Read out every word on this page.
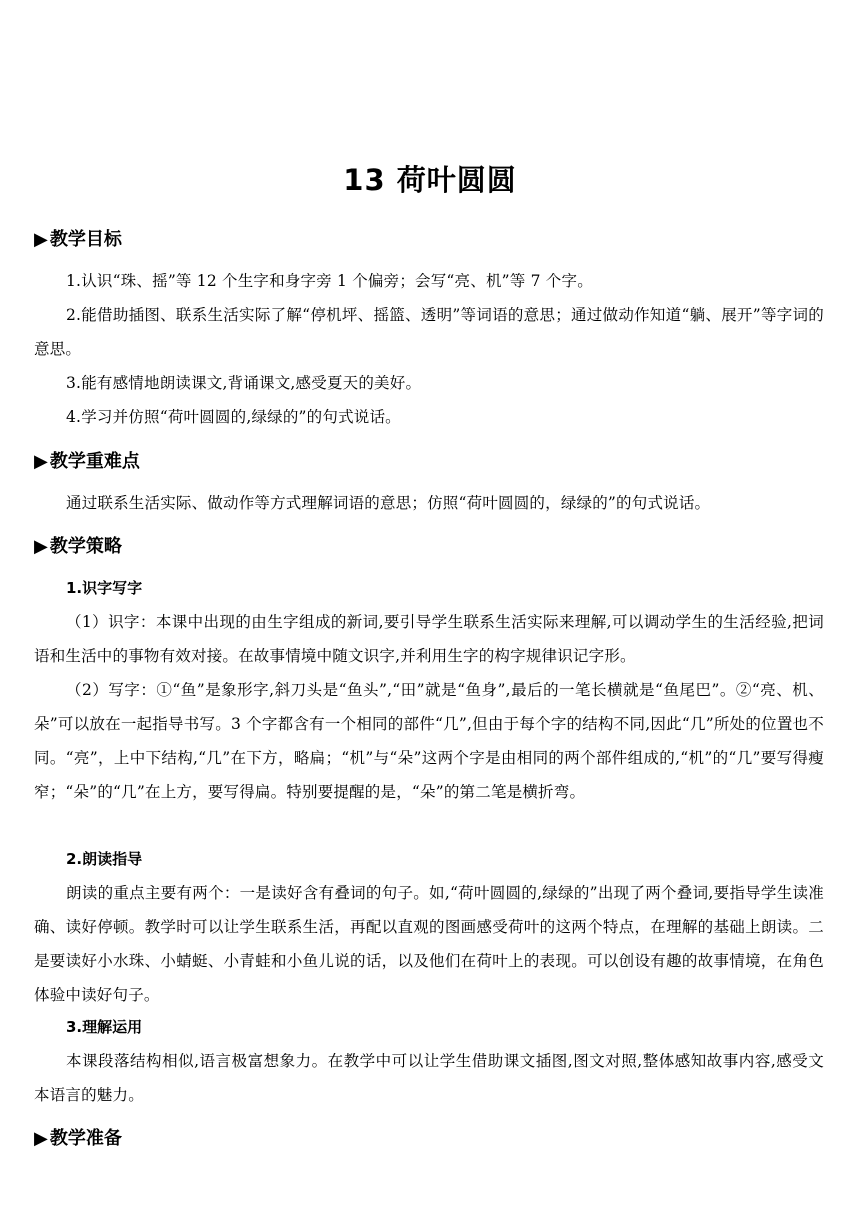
13 荷叶圆圆
▶ 教学目标
1.认识“珠、摇”等 12 个生字和身字旁 1 个偏旁；会写“亮、机”等 7 个字。
2.能借助插图、联系生活实际了解“停机坪、摇篮、透明”等词语的意思；通过做动作知道“躺、展开”等字词的意思。
3.能有感情地朗读课文,背诵课文,感受夏天的美好。
4.学习并仿照“荷叶圆圆的,绿绿的”的句式说话。
▶ 教学重难点
通过联系生活实际、做动作等方式理解词语的意思；仿照“荷叶圆圆的，绿绿的”的句式说话。
▶ 教学策略
1.识字写字
（1）识字：本课中出现的由生字组成的新词,要引导学生联系生活实际来理解,可以调动学生的生活经验,把词语和生活中的事物有效对接。在故事情境中随文识字,并利用生字的构字规律识记字形。
（2）写字：①“鱼”是象形字,斜刀头是“鱼头”,“田”就是“鱼身”,最后的一笔长横就是“鱼尾巴”。②“亮、机、朵”可以放在一起指导书写。3 个字都含有一个相同的部件“几”,但由于每个字的结构不同,因此“几”所处的位置也不同。“亮”，上中下结构,“几”在下方，略扁；“机”与“朵”这两个字是由相同的两个部件组成的,“机”的“几”要写得瘦窄；“朵”的“几”在上方，要写得扁。特别要提醒的是，“朵”的第二笔是横折弯。
2.朗读指导
朗读的重点主要有两个：一是读好含有叠词的句子。如,“荷叶圆圆的,绿绿的”出现了两个叠词,要指导学生读准确、读好停顿。教学时可以让学生联系生活，再配以直观的图画感受荷叶的这两个特点，在理解的基础上朗读。二是要读好小水珠、小蜻蜓、小青蛙和小鱼儿说的话，以及他们在荷叶上的表现。可以创设有趣的故事情境，在角色体验中读好句子。
3.理解运用
本课段落结构相似,语言极富想象力。在教学中可以让学生借助课文插图,图文对照,整体感知故事内容,感受文本语言的魅力。
▶ 教学准备
